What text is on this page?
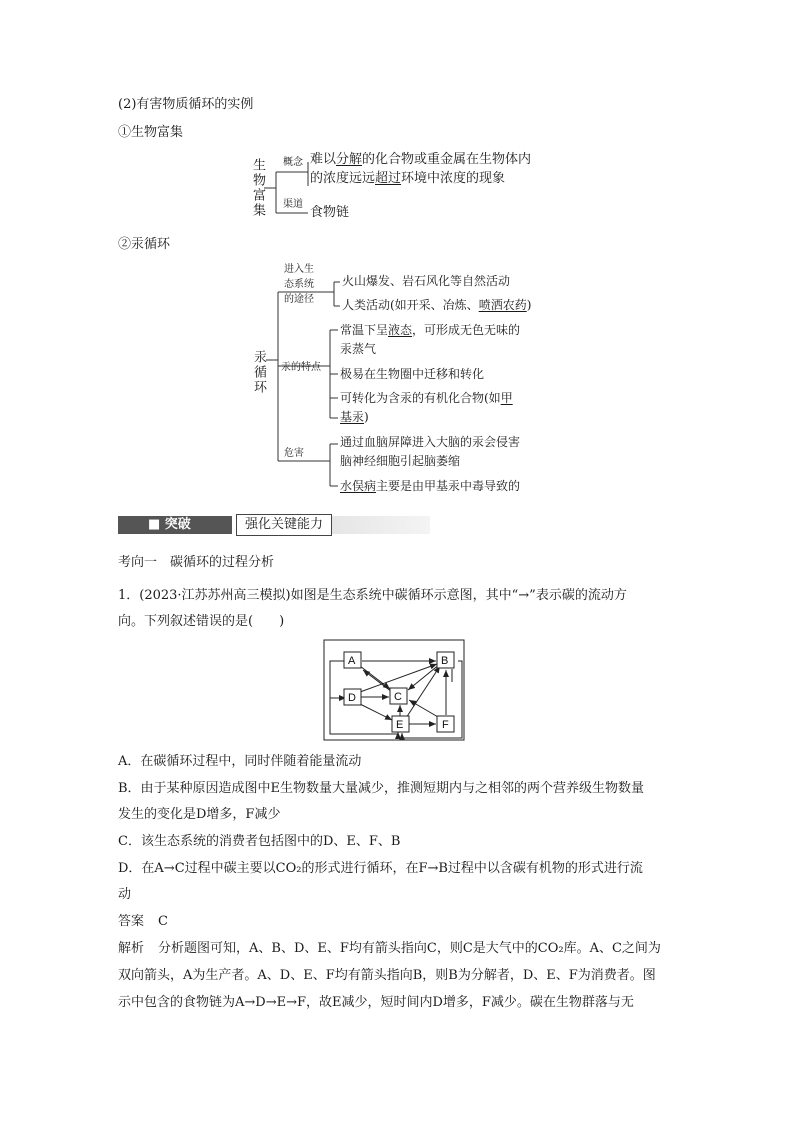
(2)有害物质循环的实例
①生物富集
生物富集 概念 难以分解的化合物或重金属在生物体内
的浓度远远超过环境中浓度的现象
渠道
食物链
②汞循环
汞循环
进入生
态系统
的途径
火山爆发、岩石风化等自然活动
人类活动(如开采、冶炼、喷洒农药)
汞的特点
常温下呈液态，可形成无色无味的
汞蒸气
极易在生物圈中迁移和转化
可转化为含汞的有机化合物(如甲
基汞)
危害
通过血脑屏障进入大脑的汞会侵害
脑神经细胞引起脑萎缩
水俣病主要是由甲基汞中毒导致的
■ 突破	强化关键能力
考向一　碳循环的过程分析
1．(2023·江苏苏州高三模拟)如图是生态系统中碳循环示意图，其中“→”表示碳的流动方
向。下列叙述错误的是(　　)
A	B
C
D
E	F
A．在碳循环过程中，同时伴随着能量流动
B．由于某种原因造成图中E生物数量大量减少，推测短期内与之相邻的两个营养级生物数量
发生的变化是D增多，F减少
C．该生态系统的消费者包括图中的D、E、F、B
D．在A→C过程中碳主要以CO₂的形式进行循环，在F→B过程中以含碳有机物的形式进行流
动
答案 C
解析 分析题图可知，A、B、D、E、F均有箭头指向C，则C是大气中的CO₂库。A、C之间为
双向箭头，A为生产者。A、D、E、F均有箭头指向B，则B为分解者，D、E、F为消费者。图
示中包含的食物链为A→D→E→F，故E减少，短时间内D增多，F减少。碳在生物群落与无
